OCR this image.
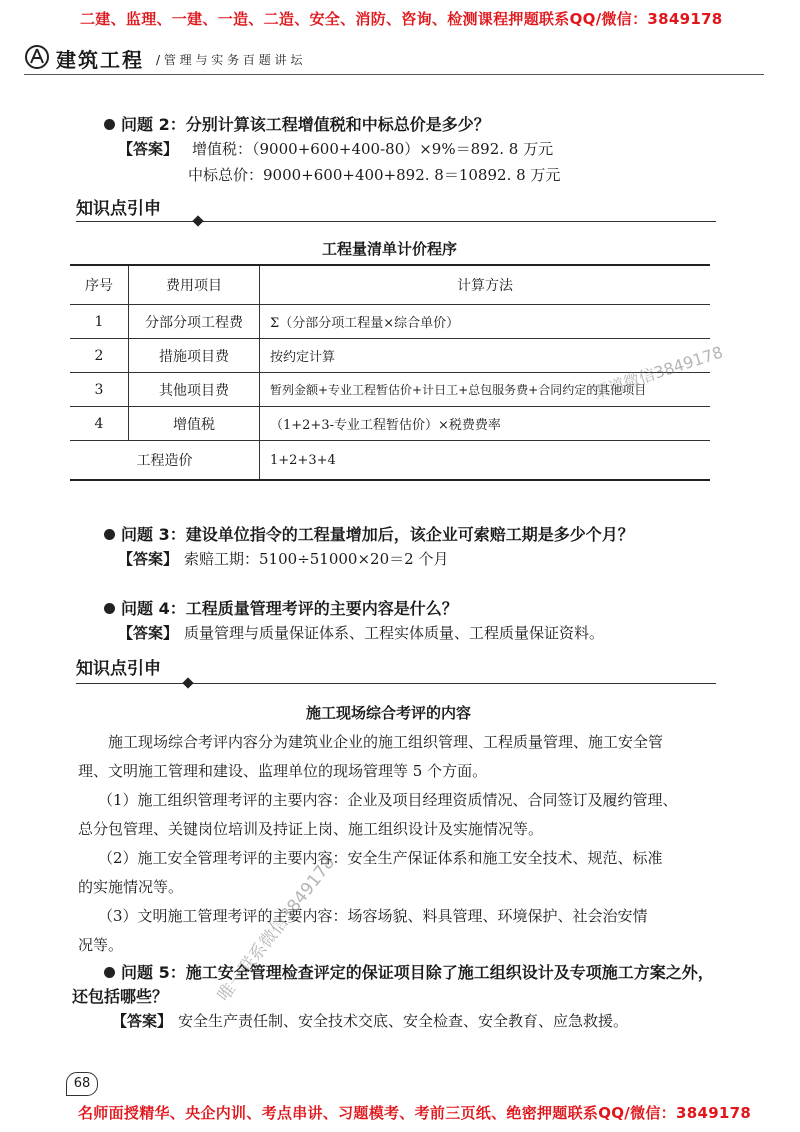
二建、监理、一建、一造、二造、安全、消防、咨询、检测课程押题联系QQ/微信：3849178
建筑工程 / 管 理 与 实 务 百 题 讲 坛
问题 2：分别计算该工程增值税和中标总价是多少？
【答案】 增值税：（9000+600+400-80）×9%＝892. 8 万元
中标总价：9000+600+400+892. 8＝10892. 8 万元
知识点引申
工程量清单计价程序
序号	费用项目	计算方法
1	分部分项工程费	Σ（分部分项工程量×综合单价）
2	措施项目费	按约定计算
3	其他项目费	暂列金额+专业工程暂估价+计日工+总包服务费+合同约定的其他项目
4	增值税	（1+2+3-专业工程暂估价）×税费费率
工程造价		1+2+3+4
问题 3：建设单位指令的工程量增加后，该企业可索赔工期是多少个月？
【答案】 索赔工期：5100÷51000×20＝2 个月
问题 4：工程质量管理考评的主要内容是什么？
【答案】 质量管理与质量保证体系、工程实体质量、工程质量保证资料。
知识点引申
施工现场综合考评的内容
施工现场综合考评内容分为建筑业企业的施工组织管理、工程质量管理、施工安全管
理、文明施工管理和建设、监理单位的现场管理等 5 个方面。
（1）施工组织管理考评的主要内容：企业及项目经理资质情况、合同签订及履约管理、
总分包管理、关键岗位培训及持证上岗、施工组织设计及实施情况等。
（2）施工安全管理考评的主要内容：安全生产保证体系和施工安全技术、规范、标准
的实施情况等。
（3）文明施工管理考评的主要内容：场容场貌、料具管理、环境保护、社会治安情
况等。
问题 5：施工安全管理检查评定的保证项目除了施工组织设计及专项施工方案之外，
还包括哪些？
【答案】 安全生产责任制、安全技术交底、安全检查、安全教育、应急救援。
68
名师面授精华、央企内训、考点串讲、习题模考、考前三页纸、绝密押题联系QQ/微信：3849178
渠道微信3849178
唯一联系微信3849178
